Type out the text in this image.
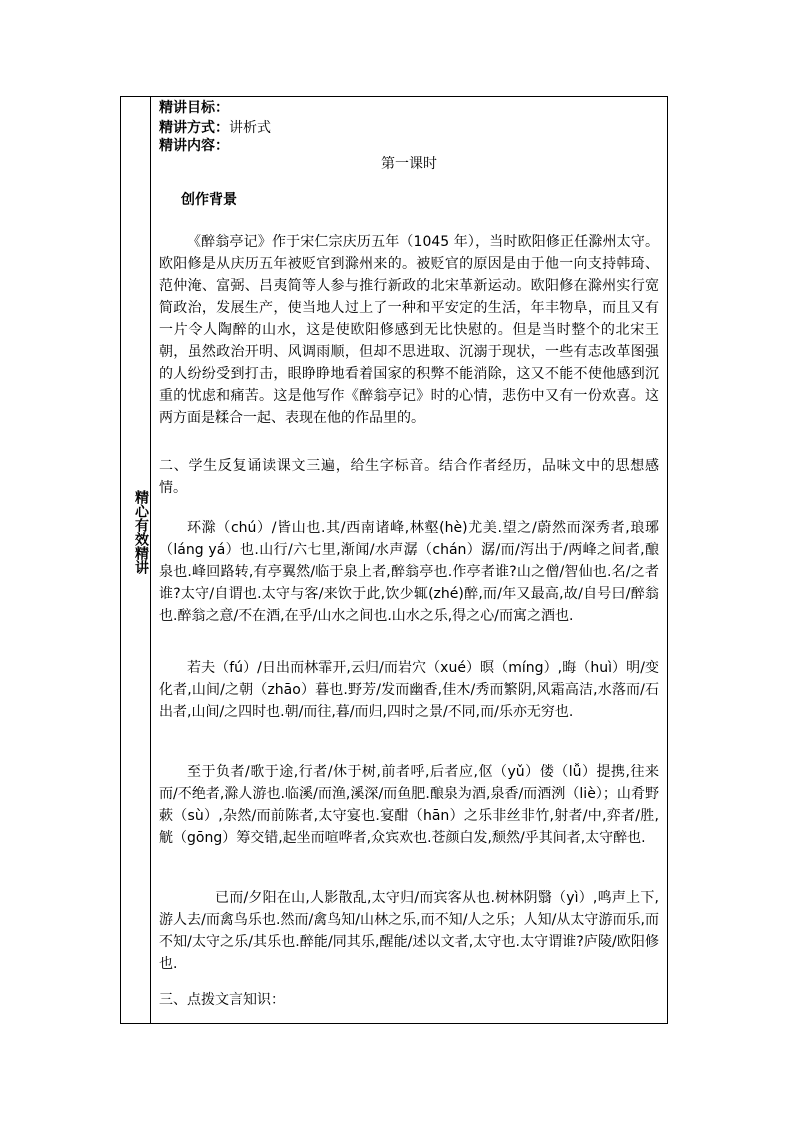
精心有效精讲
精讲目标：
精讲方式：讲析式
精讲内容：
第一课时
创作背景
《醉翁亭记》作于宋仁宗庆历五年（1045 年），当时欧阳修正任滁州太守。欧阳修是从庆历五年被贬官到滁州来的。被贬官的原因是由于他一向支持韩琦、范仲淹、富弼、吕夷简等人参与推行新政的北宋革新运动。欧阳修在滁州实行宽简政治，发展生产，使当地人过上了一种和平安定的生活，年丰物阜，而且又有一片令人陶醉的山水，这是使欧阳修感到无比快慰的。但是当时整个的北宋王朝，虽然政治开明、风调雨顺，但却不思进取、沉溺于现状，一些有志改革图强的人纷纷受到打击，眼睁睁地看着国家的积弊不能消除，这又不能不使他感到沉重的忧虑和痛苦。这是他写作《醉翁亭记》时的心情，悲伤中又有一份欢喜。这两方面是糅合一起、表现在他的作品里的。
二、学生反复诵读课文三遍，给生字标音。结合作者经历，品味文中的思想感情。
环滁（chú）/皆山也.其/西南诸峰,林壑(hè)尤美.望之/蔚然而深秀者,琅琊（láng yá）也.山行/六七里,渐闻/水声潺（chán）潺/而/泻出于/两峰之间者,酿泉也.峰回路转,有亭翼然/临于泉上者,醉翁亭也.作亭者谁?山之僧/智仙也.名/之者谁?太守/自谓也.太守与客/来饮于此,饮少辄(zhé)醉,而/年又最高,故/自号曰/醉翁也.醉翁之意/不在酒,在乎/山水之间也.山水之乐,得之心/而寓之酒也.
若夫（fú）/日出而林霏开,云归/而岩穴（xué）暝（míng）,晦（huì）明/变化者,山间/之朝（zhāo）暮也.野芳/发而幽香,佳木/秀而繁阴,风霜高洁,水落而/石出者,山间/之四时也.朝/而往,暮/而归,四时之景/不同,而/乐亦无穷也.
至于负者/歌于途,行者/休于树,前者呼,后者应,伛（yǔ）偻（lǚ）提携,往来而/不绝者,滁人游也.临溪/而渔,溪深/而鱼肥.酿泉为酒,泉香/而酒洌（liè）；山肴野蔌（sù）,杂然/而前陈者,太守宴也.宴酣（hān）之乐非丝非竹,射者/中,弈者/胜,觥（gōng）筹交错,起坐而喧哗者,众宾欢也.苍颜白发,颓然/乎其间者,太守醉也.
已而/夕阳在山,人影散乱,太守归/而宾客从也.树林阴翳（yì）,鸣声上下,游人去/而禽鸟乐也.然而/禽鸟知/山林之乐,而不知/人之乐；人知/从太守游而乐,而不知/太守之乐/其乐也.醉能/同其乐,醒能/述以文者,太守也.太守谓谁?庐陵/欧阳修也.
三、点拨文言知识：
